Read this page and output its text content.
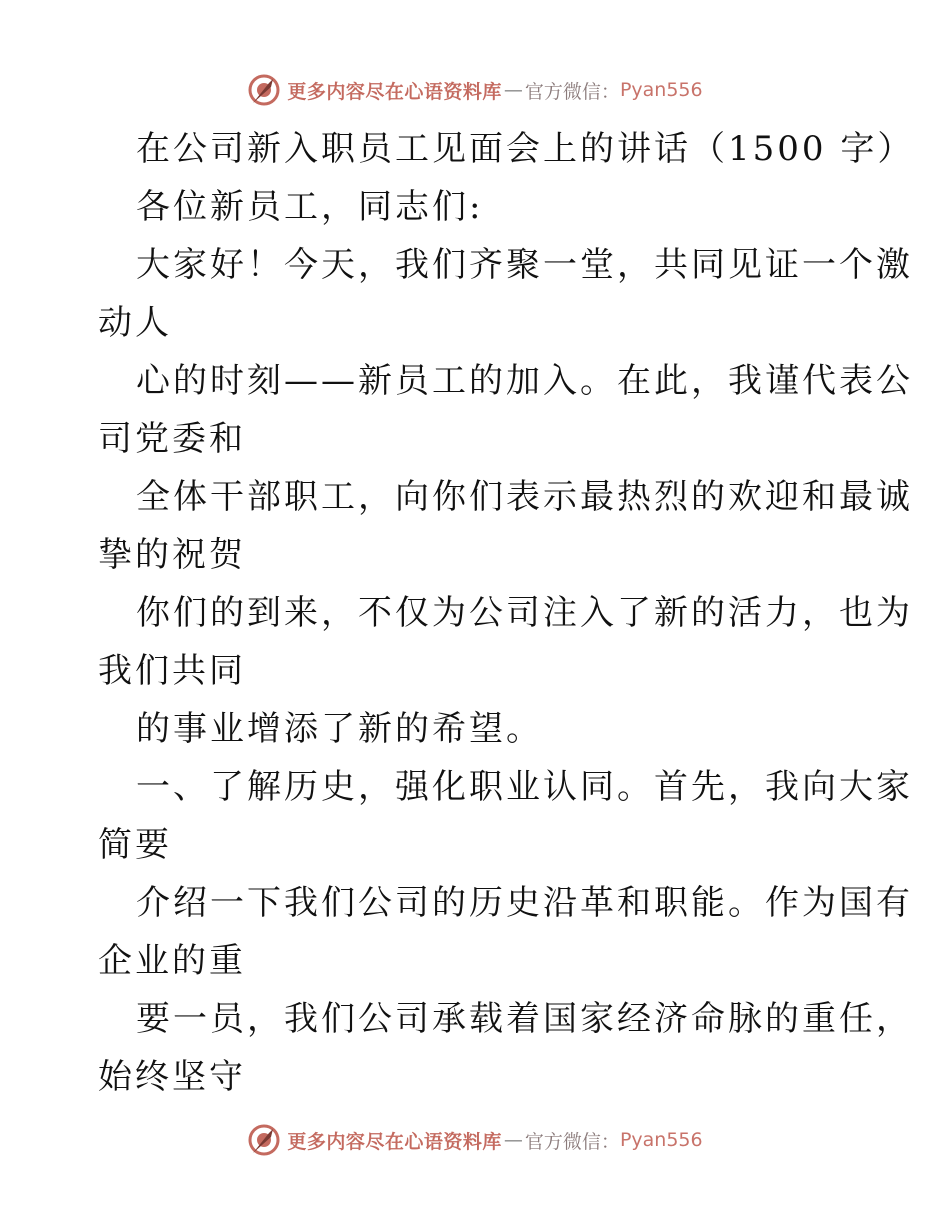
更多内容尽在心语资料库 — 官方微信： Pyan556
在公司新入职员工见面会上的讲话（1500 字）
各位新员工，同志们:
大家好！今天，我们齐聚一堂，共同见证一个激
动人
心的时刻——新员工的加入。在此，我谨代表公
司党委和
全体干部职工，向你们表示最热烈的欢迎和最诚
挚的祝贺
你们的到来，不仅为公司注入了新的活力，也为
我们共同
的事业增添了新的希望。
一、了解历史，强化职业认同。首先，我向大家
简要
介绍一下我们公司的历史沿革和职能。作为国有
企业的重
要一员，我们公司承载着国家经济命脉的重任，
始终坚守
更多内容尽在心语资料库 — 官方微信： Pyan556
